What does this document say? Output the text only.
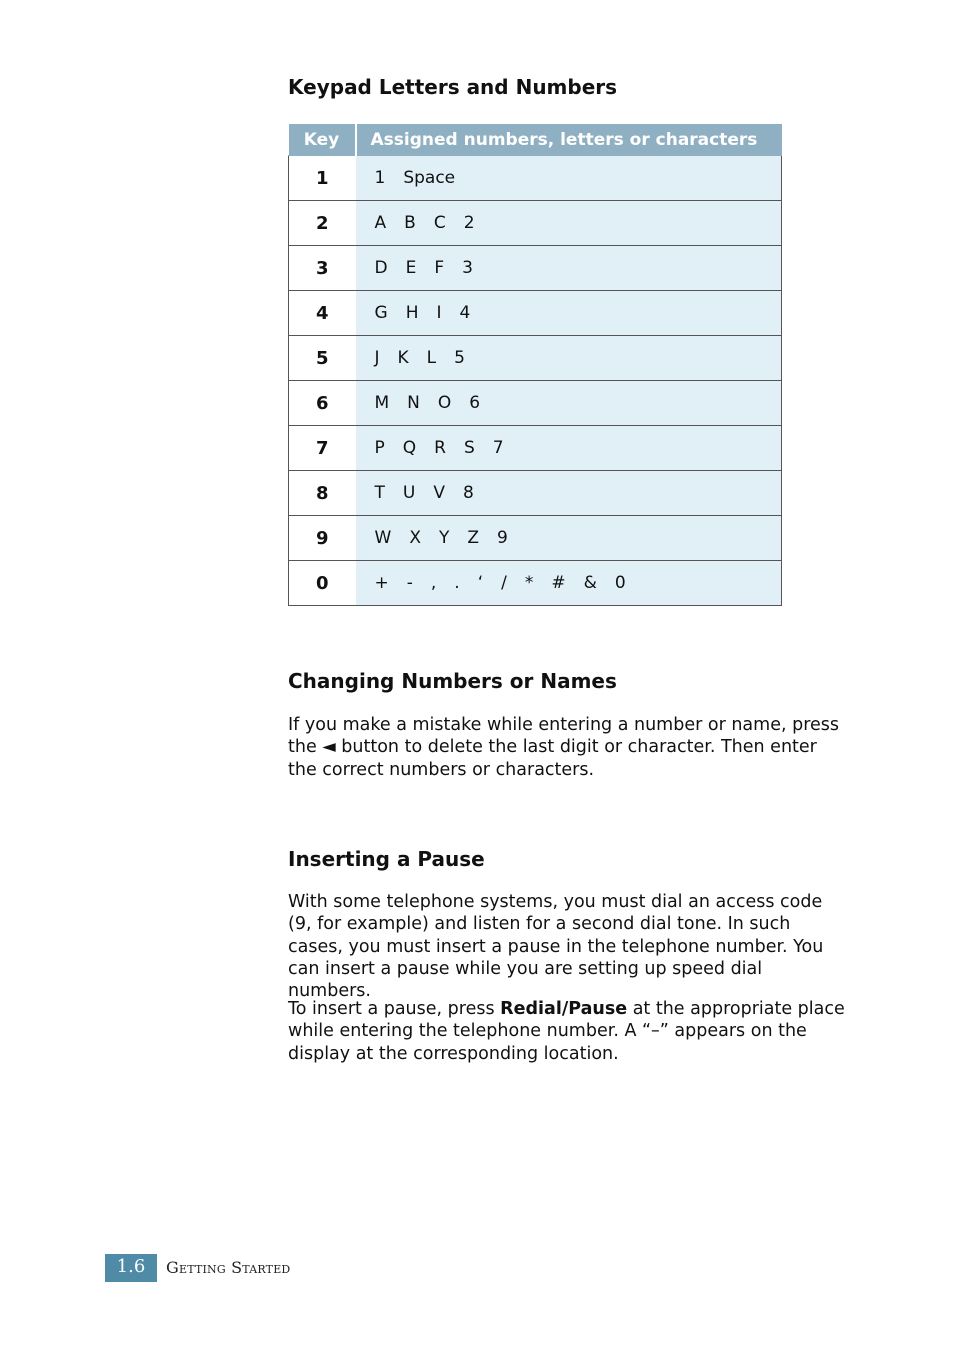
Keypad Letters and Numbers
Key	Assigned numbers, letters or characters
1	1 Space
2	A B C 2
3	D E F 3
4	G H I 4
5	J K L 5
6	M N O 6
7	P Q R S 7
8	T U V 8
9	W X Y Z 9
0	+ - , . ‘ / * # & 0
Changing Numbers or Names

If you make a mistake while entering a number or name, press the ◄ button to delete the last digit or character. Then enter the correct numbers or characters.

Inserting a Pause

With some telephone systems, you must dial an access code (9, for example) and listen for a second dial tone. In such cases, you must insert a pause in the telephone number. You can insert a pause while you are setting up speed dial numbers.

To insert a pause, press Redial/Pause at the appropriate place while entering the telephone number. A “–” appears on the display at the corresponding location.

1.6	Getting Started
